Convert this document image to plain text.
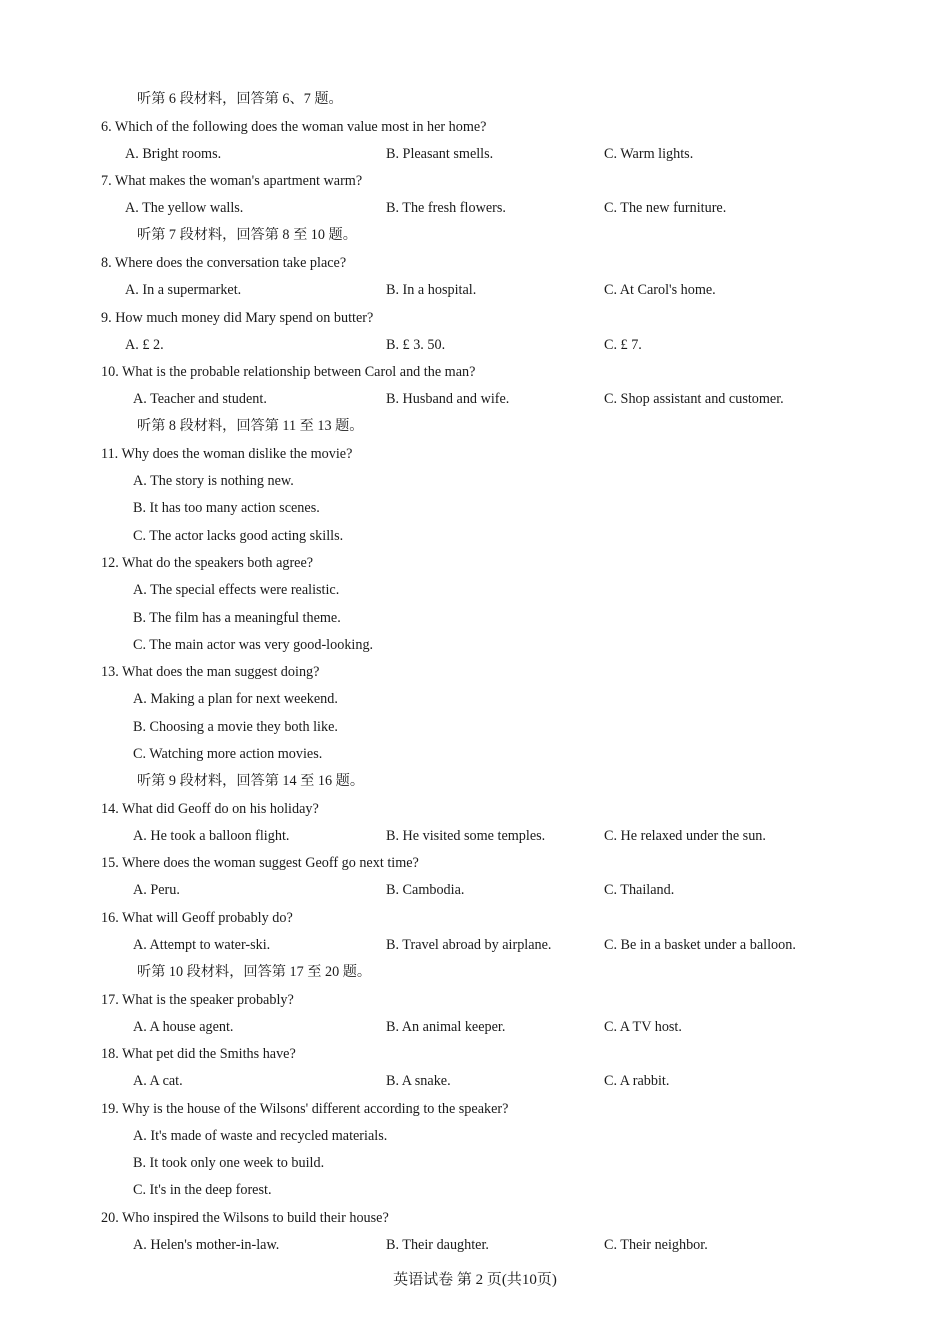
听第 6 段材料，回答第 6、7 题。
6. Which of the following does the woman value most in her home?
A. Bright rooms.	B. Pleasant smells.	C. Warm lights.
7. What makes the woman's apartment warm?
A. The yellow walls.	B. The fresh flowers.	C. The new furniture.
听第 7 段材料，回答第 8 至 10 题。
8. Where does the conversation take place?
A. In a supermarket.	B. In a hospital.	C. At Carol's home.
9. How much money did Mary spend on butter?
A. £ 2.	B. £ 3. 50.	C. £ 7.
10. What is the probable relationship between Carol and the man?
A. Teacher and student.	B. Husband and wife.	C. Shop assistant and customer.
听第 8 段材料，回答第 11 至 13 题。
11. Why does the woman dislike the movie?
A. The story is nothing new.
B. It has too many action scenes.
C. The actor lacks good acting skills.
12. What do the speakers both agree?
A. The special effects were realistic.
B. The film has a meaningful theme.
C. The main actor was very good-looking.
13. What does the man suggest doing?
A. Making a plan for next weekend.
B. Choosing a movie they both like.
C. Watching more action movies.
听第 9 段材料，回答第 14 至 16 题。
14. What did Geoff do on his holiday?
A. He took a balloon flight.	B. He visited some temples.	C. He relaxed under the sun.
15. Where does the woman suggest Geoff go next time?
A. Peru.	B. Cambodia.	C. Thailand.
16. What will Geoff probably do?
A. Attempt to water-ski.	B. Travel abroad by airplane.	C. Be in a basket under a balloon.
听第 10 段材料，回答第 17 至 20 题。
17. What is the speaker probably?
A. A house agent.	B. An animal keeper.	C. A TV host.
18. What pet did the Smiths have?
A. A cat.	B. A snake.	C. A rabbit.
19. Why is the house of the Wilsons' different according to the speaker?
A. It's made of waste and recycled materials.
B. It took only one week to build.
C. It's in the deep forest.
20. Who inspired the Wilsons to build their house?
A. Helen's mother-in-law.	B. Their daughter.	C. Their neighbor.
英语试卷 第 2 页(共10页)
